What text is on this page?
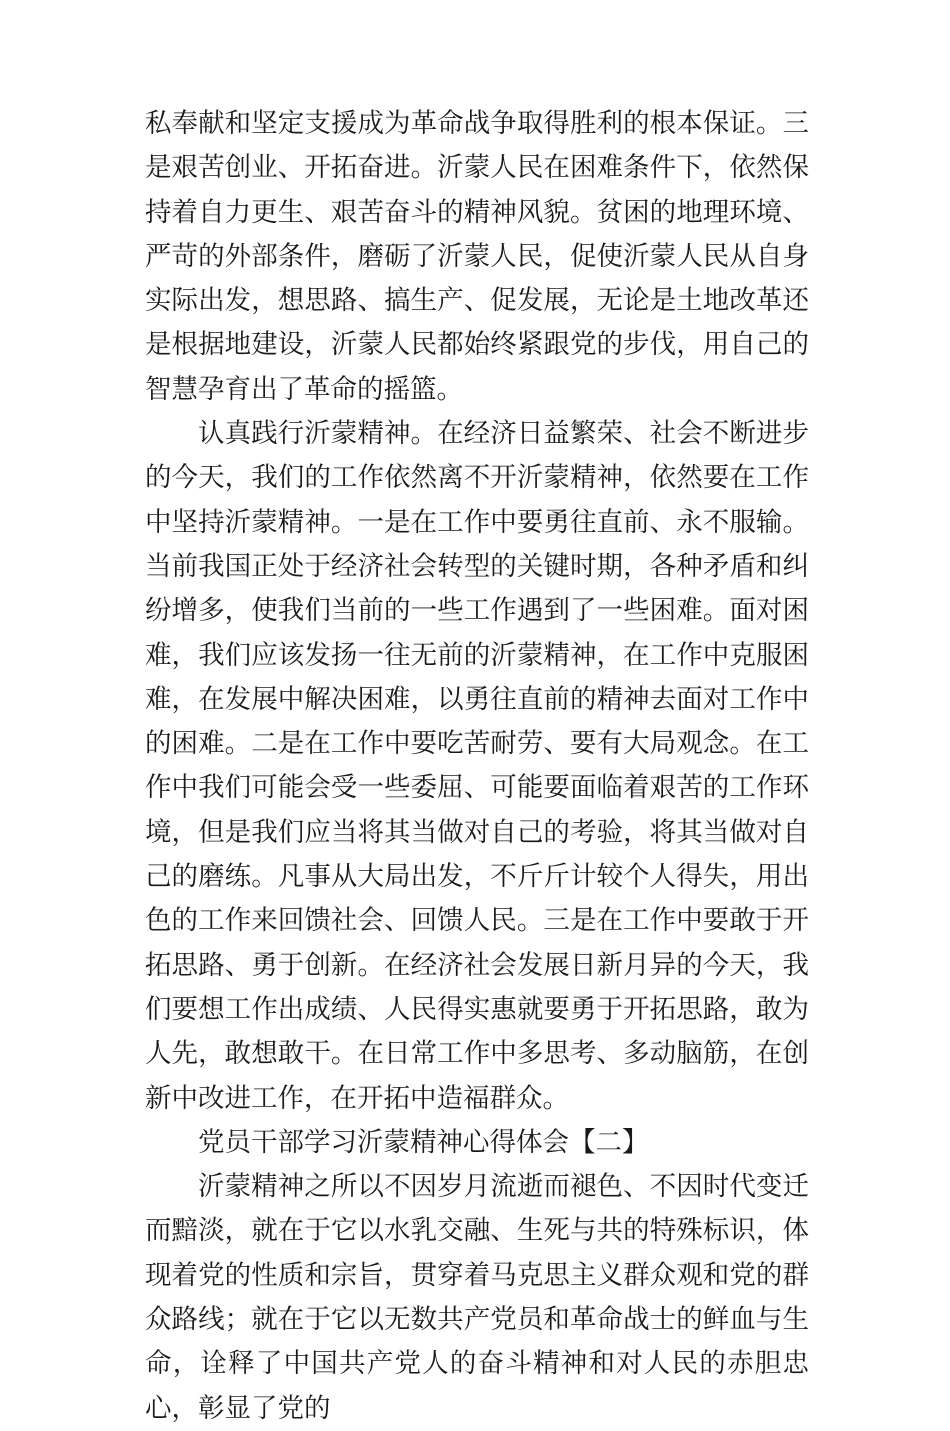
私奉献和坚定支援成为革命战争取得胜利的根本保证。三是艰苦创业、开拓奋进。沂蒙人民在困难条件下，依然保持着自力更生、艰苦奋斗的精神风貌。贫困的地理环境、严苛的外部条件，磨砺了沂蒙人民，促使沂蒙人民从自身实际出发，想思路、搞生产、促发展，无论是土地改革还是根据地建设，沂蒙人民都始终紧跟党的步伐，用自己的智慧孕育出了革命的摇篮。

认真践行沂蒙精神。在经济日益繁荣、社会不断进步的今天，我们的工作依然离不开沂蒙精神，依然要在工作中坚持沂蒙精神。一是在工作中要勇往直前、永不服输。当前我国正处于经济社会转型的关键时期，各种矛盾和纠纷增多，使我们当前的一些工作遇到了一些困难。面对困难，我们应该发扬一往无前的沂蒙精神，在工作中克服困难，在发展中解决困难，以勇往直前的精神去面对工作中的困难。二是在工作中要吃苦耐劳、要有大局观念。在工作中我们可能会受一些委屈、可能要面临着艰苦的工作环境，但是我们应当将其当做对自己的考验，将其当做对自己的磨练。凡事从大局出发，不斤斤计较个人得失，用出色的工作来回馈社会、回馈人民。三是在工作中要敢于开拓思路、勇于创新。在经济社会发展日新月异的今天，我们要想工作出成绩、人民得实惠就要勇于开拓思路，敢为人先，敢想敢干。在日常工作中多思考、多动脑筋，在创新中改进工作，在开拓中造福群众。

党员干部学习沂蒙精神心得体会【二】

沂蒙精神之所以不因岁月流逝而褪色、不因时代变迁而黯淡，就在于它以水乳交融、生死与共的特殊标识，体现着党的性质和宗旨，贯穿着马克思主义群众观和党的群众路线；就在于它以无数共产党员和革命战士的鲜血与生命，诠释了中国共产党人的奋斗精神和对人民的赤胆忠心，彰显了党的
